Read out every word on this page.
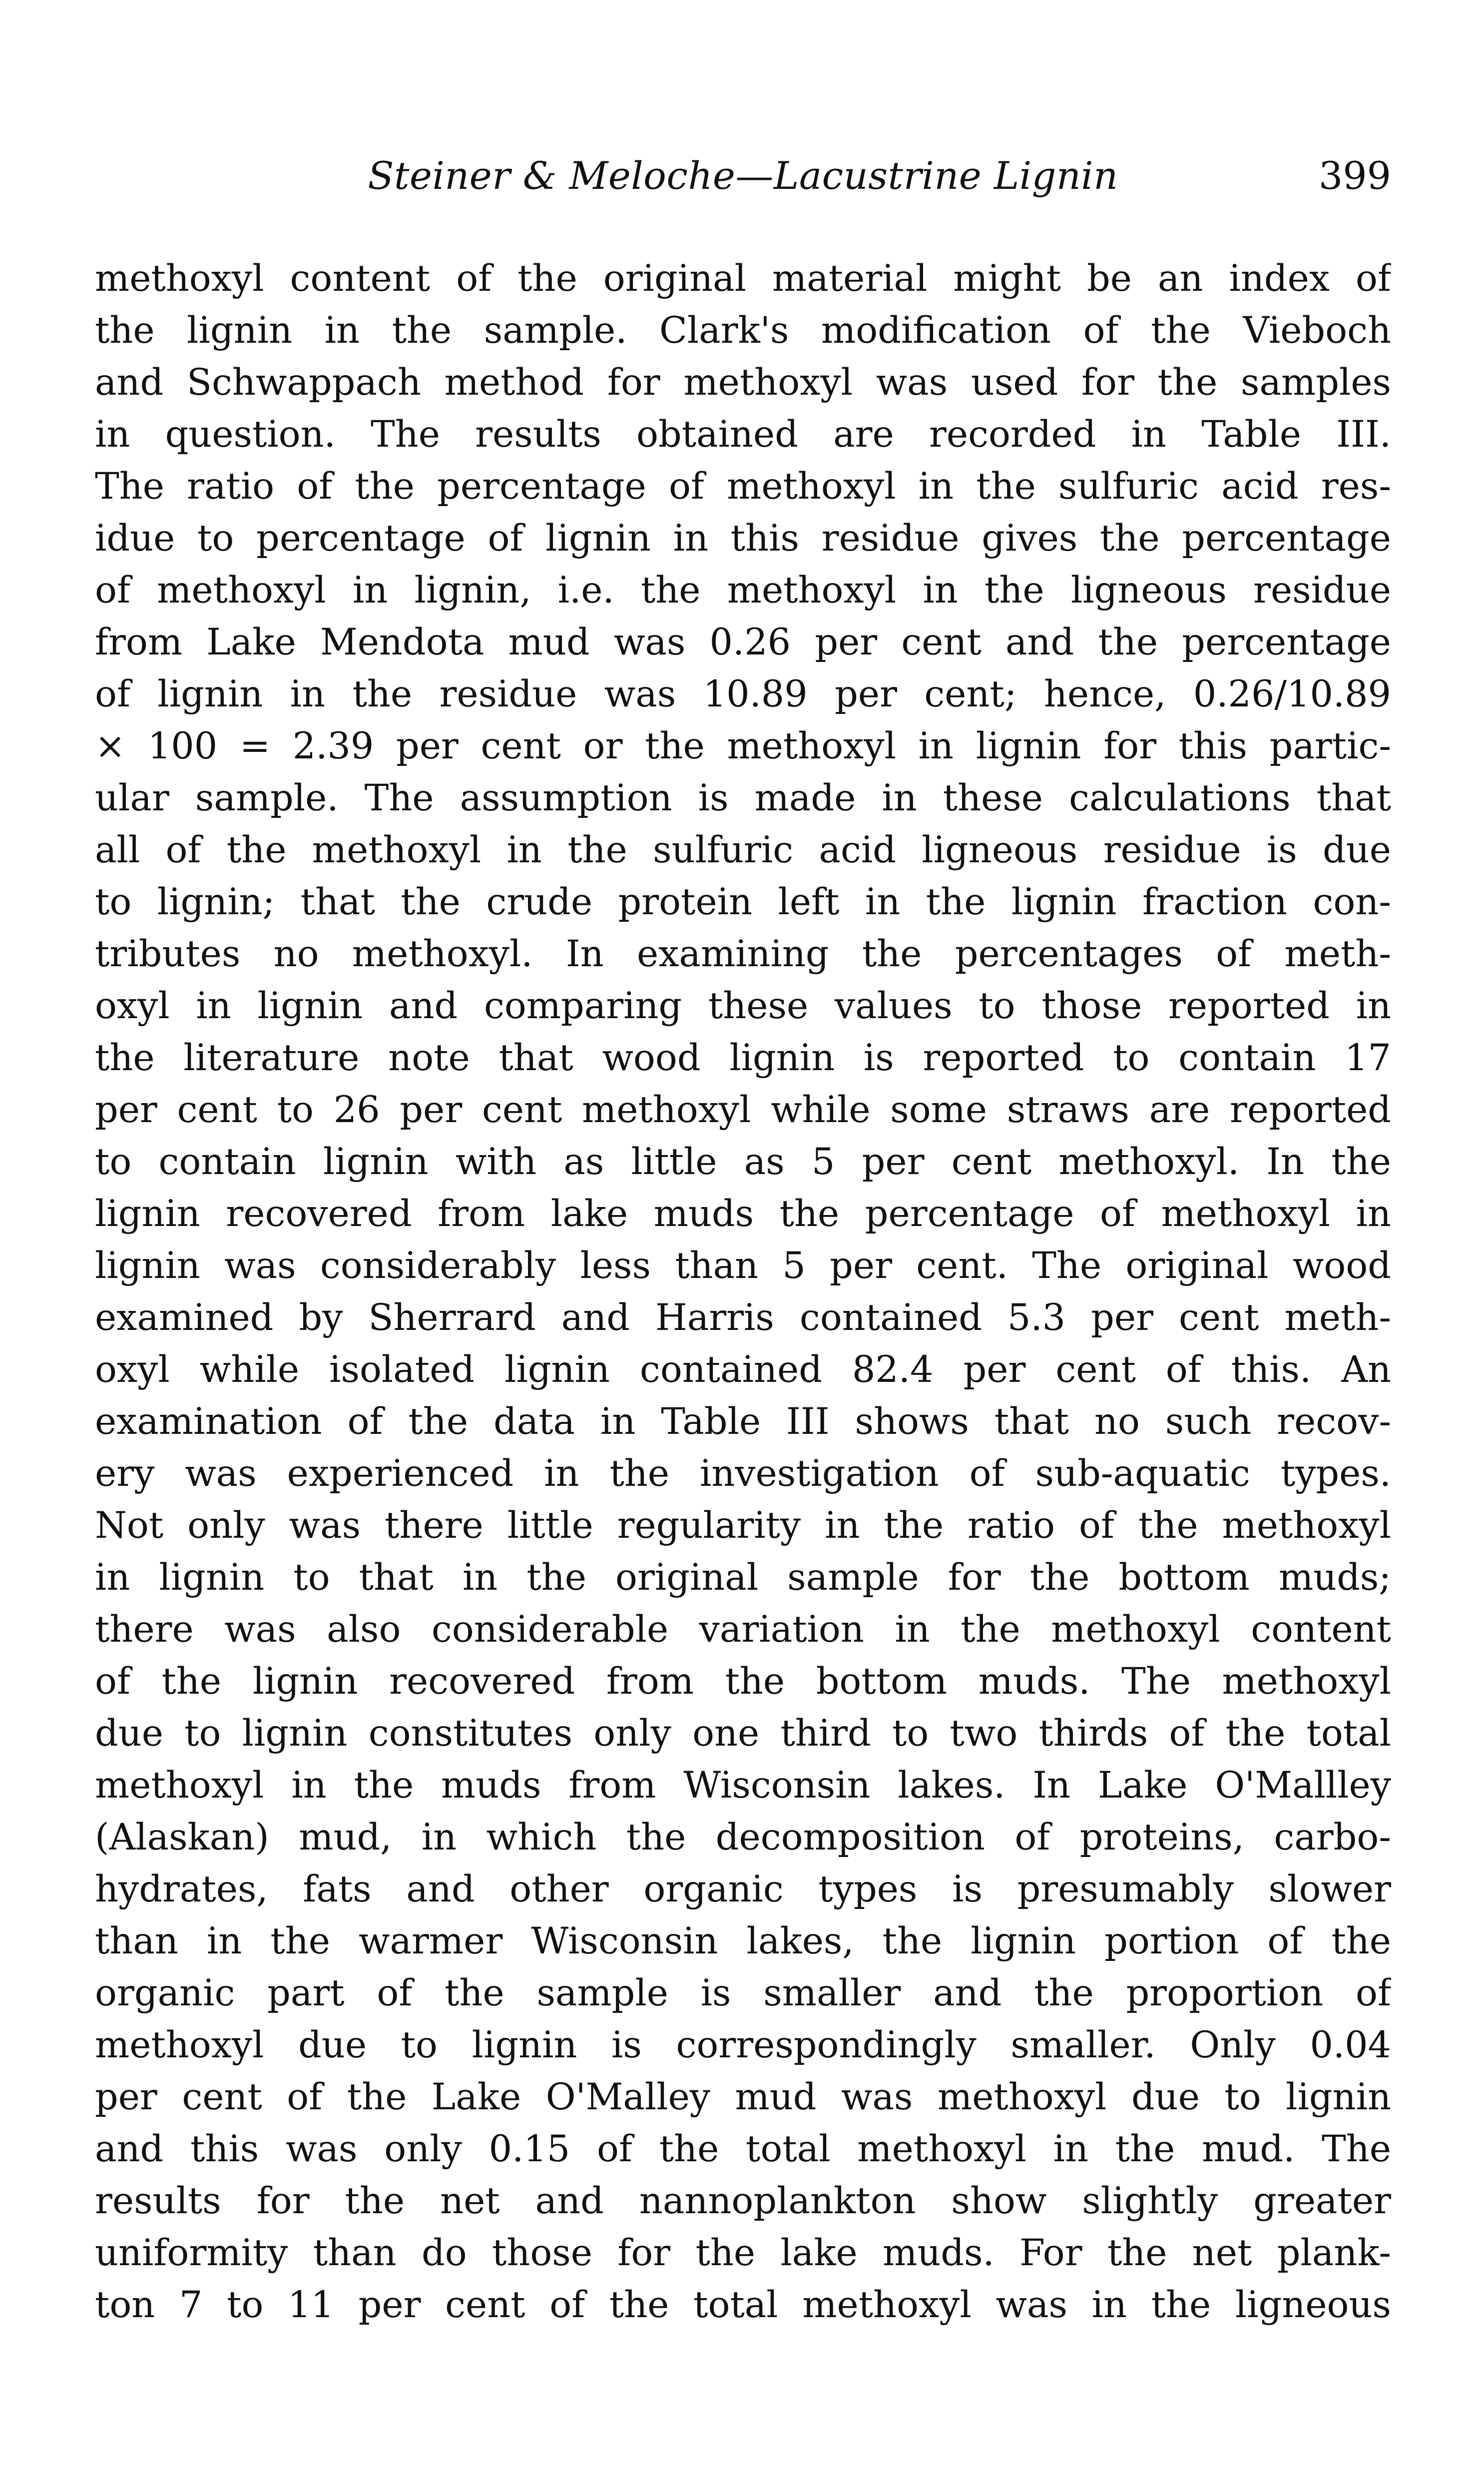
Steiner & Meloche—Lacustrine Lignin	399
methoxyl content of the original material might be an index of
the lignin in the sample. Clark's modification of the Vieboch
and Schwappach method for methoxyl was used for the samples
in question. The results obtained are recorded in Table III.
The ratio of the percentage of methoxyl in the sulfuric acid res-
idue to percentage of lignin in this residue gives the percentage
of methoxyl in lignin, i.e. the methoxyl in the ligneous residue
from Lake Mendota mud was 0.26 per cent and the percentage
of lignin in the residue was 10.89 per cent; hence, 0.26/10.89
× 100 = 2.39 per cent or the methoxyl in lignin for this partic-
ular sample. The assumption is made in these calculations that
all of the methoxyl in the sulfuric acid ligneous residue is due
to lignin; that the crude protein left in the lignin fraction con-
tributes no methoxyl. In examining the percentages of meth-
oxyl in lignin and comparing these values to those reported in
the literature note that wood lignin is reported to contain 17
per cent to 26 per cent methoxyl while some straws are reported
to contain lignin with as little as 5 per cent methoxyl. In the
lignin recovered from lake muds the percentage of methoxyl in
lignin was considerably less than 5 per cent. The original wood
examined by Sherrard and Harris contained 5.3 per cent meth-
oxyl while isolated lignin contained 82.4 per cent of this. An
examination of the data in Table III shows that no such recov-
ery was experienced in the investigation of sub-aquatic types.
Not only was there little regularity in the ratio of the methoxyl
in lignin to that in the original sample for the bottom muds;
there was also considerable variation in the methoxyl content
of the lignin recovered from the bottom muds. The methoxyl
due to lignin constitutes only one third to two thirds of the total
methoxyl in the muds from Wisconsin lakes. In Lake O'Mallley
(Alaskan) mud, in which the decomposition of proteins, carbo-
hydrates, fats and other organic types is presumably slower
than in the warmer Wisconsin lakes, the lignin portion of the
organic part of the sample is smaller and the proportion of
methoxyl due to lignin is correspondingly smaller. Only 0.04
per cent of the Lake O'Malley mud was methoxyl due to lignin
and this was only 0.15 of the total methoxyl in the mud. The
results for the net and nannoplankton show slightly greater
uniformity than do those for the lake muds. For the net plank-
ton 7 to 11 per cent of the total methoxyl was in the ligneous
